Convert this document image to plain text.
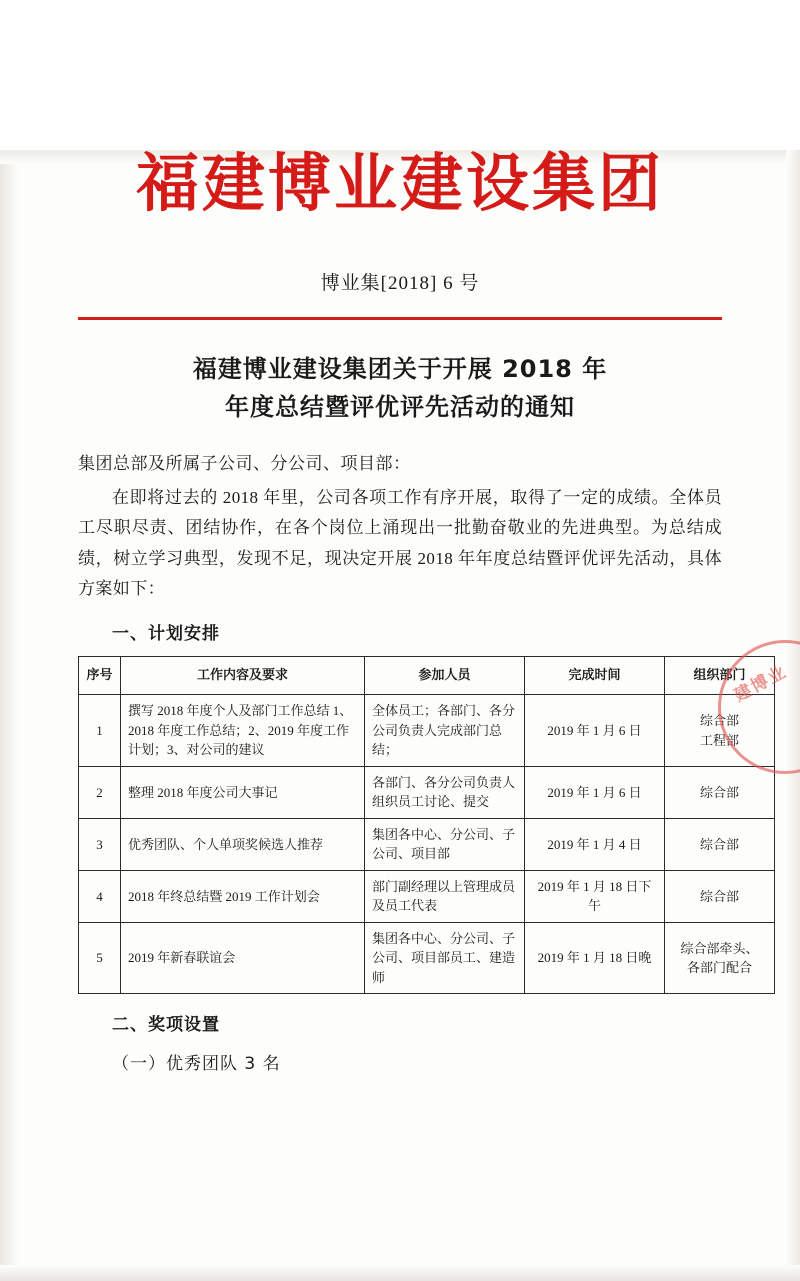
福建博业建设集团
博业集[2018] 6 号
福建博业建设集团关于开展 2018 年
年度总结暨评优评先活动的通知
集团总部及所属子公司、分公司、项目部：
在即将过去的 2018 年里，公司各项工作有序开展，取得了一定的成绩。全体员工尽职尽责、团结协作，在各个岗位上涌现出一批勤奋敬业的先进典型。为总结成绩，树立学习典型，发现不足，现决定开展 2018 年年度总结暨评优评先活动，具体方案如下：
一、计划安排
序号	工作内容及要求	参加人员	完成时间	组织部门
1	撰写 2018 年度个人及部门工作总结 1、2018 年度工作总结；2、2019 年度工作计划；3、对公司的建议	全体员工；各部门、各分公司负责人完成部门总结；	2019 年 1 月 6 日	综合部
工程部

2	整理 2018 年度公司大事记	各部门、各分公司负责人组织员工讨论、提交	2019 年 1 月 6 日	综合部

3	优秀团队、个人单项奖候选人推荐	集团各中心、分公司、子公司、项目部	2019 年 1 月 4 日	综合部

4	2018 年终总结暨 2019 工作计划会	部门副经理以上管理成员及员工代表	2019 年 1 月 18 日下午	综合部

5	2019 年新春联谊会	集团各中心、分公司、子公司、项目部员工、建造师	2019 年 1 月 18 日晚	综合部牵头、
各部门配合
二、奖项设置
（一）优秀团队 3 名
建博业
